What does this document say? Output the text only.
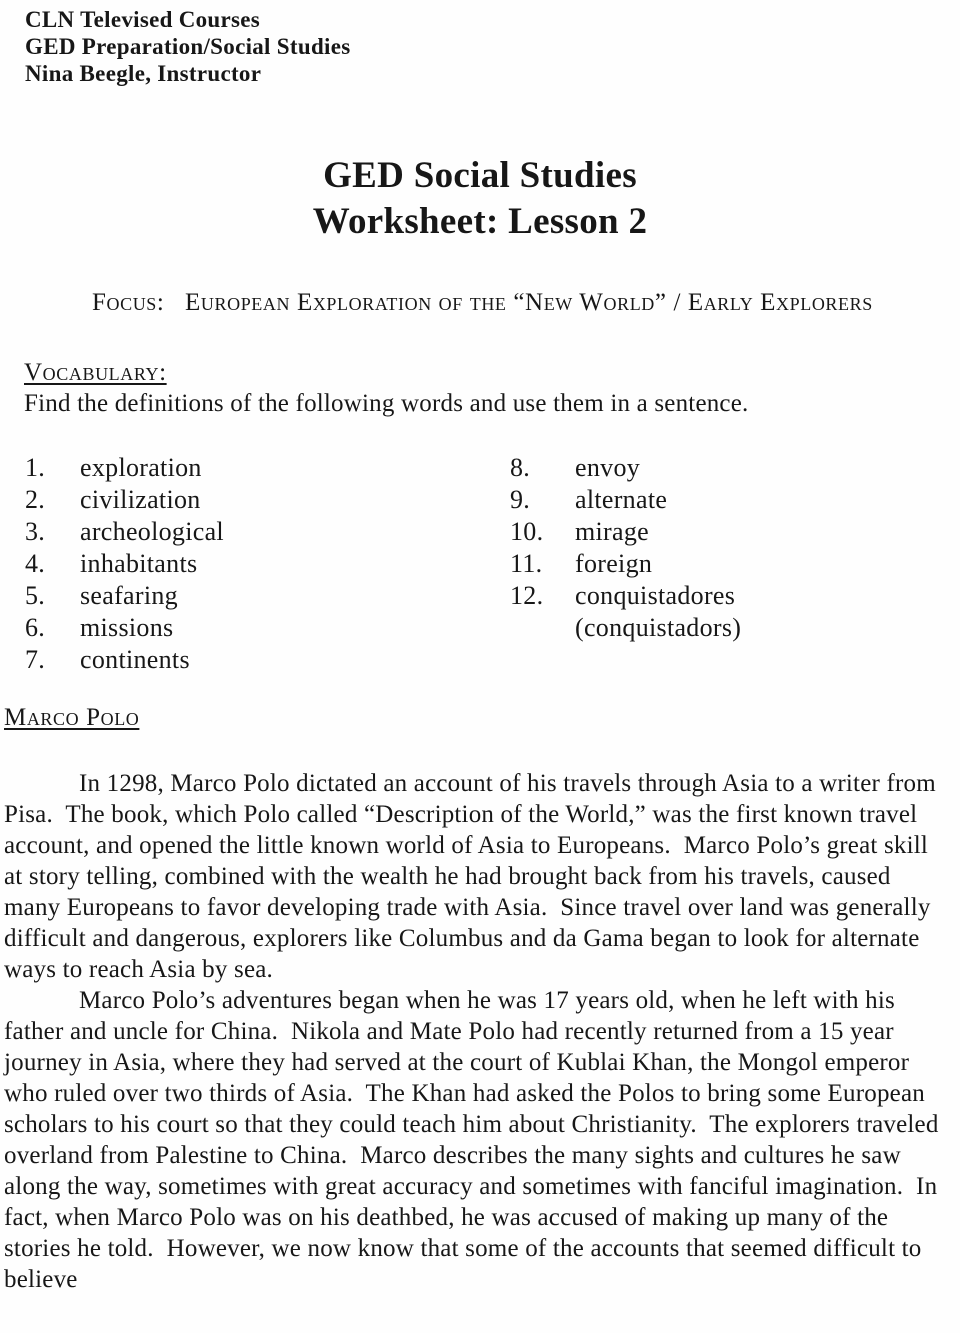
CLN Televised Courses
GED Preparation/Social Studies
Nina Beegle, Instructor
GED Social Studies
Worksheet: Lesson 2
Focus:   European Exploration of the “New World” / Early Explorers
Vocabulary:
Find the definitions of the following words and use them in a sentence.
1.	exploration
2.	civilization
3.	archeological
4.	inhabitants
5.	seafaring
6.	missions
7.	continents
8.	envoy
9.	alternate
10.	mirage
11.	foreign
12.	conquistadores
(conquistadors)
Marco Polo

In 1298, Marco Polo dictated an account of his travels through Asia to a writer from Pisa.  The book, which Polo called “Description of the World,” was the first known travel account, and opened the little known world of Asia to Europeans.  Marco Polo’s great skill at story telling, combined with the wealth he had brought back from his travels, caused many Europeans to favor developing trade with Asia.  Since travel over land was generally difficult and dangerous, explorers like Columbus and da Gama began to look for alternate ways to reach Asia by sea.

Marco Polo’s adventures began when he was 17 years old, when he left with his father and uncle for China.  Nikola and Mate Polo had recently returned from a 15 year journey in Asia, where they had served at the court of Kublai Khan, the Mongol emperor who ruled over two thirds of Asia.  The Khan had asked the Polos to bring some European scholars to his court so that they could teach him about Christianity.  The explorers traveled overland from Palestine to China.  Marco describes the many sights and cultures he saw along the way, sometimes with great accuracy and sometimes with fanciful imagination.  In fact, when Marco Polo was on his deathbed, he was accused of making up many of the stories he told.  However, we now know that some of the accounts that seemed difficult to believe
